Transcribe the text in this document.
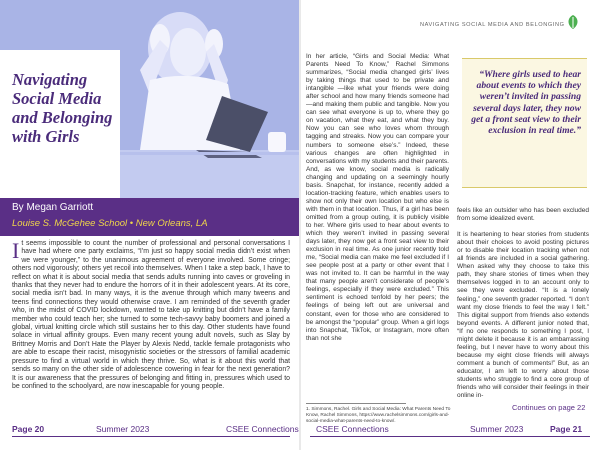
Navigating Social Media and Belonging with Girls
By Megan Garriott
Louise S. McGehee School • New Orleans, LA

It seems impossible to count the number of professional and personal conversations I have had where one party exclaims, “I’m just so happy social media didn’t exist when we were younger,” to the unanimous agreement of everyone involved. Some cringe; others nod vigorously; others yet recoil into themselves. When I take a step back, I have to reflect on what it is about social media that sends adults running into caves or groveling in thanks that they never had to endure the horrors of it in their adolescent years. At its core, social media isn’t bad. In many ways, it is the avenue through which many tweens and teens find connections they would otherwise crave. I am reminded of the seventh grader who, in the midst of COVID lockdown, wanted to take up knitting but didn’t have a family member who could teach her; she turned to some tech-savvy baby boomers and joined a global, virtual knitting circle which still sustains her to this day. Other students have found solace in virtual affinity groups. Even many recent young adult novels, such as Slay by Brittney Morris and Don’t Hate the Player by Alexis Nedd, tackle female protagonists who are able to escape their racist, misogynistic societies or the stressors of familial academic pressure to find a virtual world in which they thrive. So, what is it about this world that sends so many on the other side of adolescence cowering in fear for the next generation? It is our awareness that the pressures of belonging and fitting in, pressures which used to be confined to the schoolyard, are now inescapable for young people.

Page 20	Summer 2023	CSEE Connections
NAVIGATING SOCIAL MEDIA AND BELONGING

In her article, “Girls and Social Media: What Parents Need To Know,” Rachel Simmons summarizes, “Social media changed girls’ lives by taking things that used to be private and intangible —like what your friends were doing after school and how many friends someone had—and making them public and tangible. Now you can see what everyone is up to, where they go on vacation, what they eat, and what they buy. Now you can see who loves whom through tagging and streaks. Now you can compare your numbers to someone else’s.” Indeed, these various changes are often highlighted in conversations with my students and their parents. And, as we know, social media is radically changing and updating on a seemingly hourly basis. Snapchat, for instance, recently added a location-tracking feature, which enables users to show not only their own location but who else is with them in that location. Thus, if a girl has been omitted from a group outing, it is publicly visible to her. Where girls used to hear about events to which they weren’t invited in passing several days later, they now get a front seat view to their exclusion in real time. As one junior recently told me, “Social media can make me feel excluded if I see people post at a party or other event that I was not invited to. It can be harmful in the way that many people aren’t considerate of people’s feelings, especially if they were excluded.” This sentiment is echoed tenfold by her peers; the feelings of being left out are universal and constant, even for those who are considered to be amongst the “popular” group. When a girl logs into Snapchat, TikTok, or Instagram, more often than not she

“Where girls used to hear about events to which they weren’t invited in passing several days later, they now get a front seat view to their exclusion in real time.”

feels like an outsider who has been excluded from some idealized event.

It is heartening to hear stories from students about their choices to avoid posting pictures or to disable their location tracking when not all friends are included in a social gathering. When asked why they choose to take this path, they share stories of times when they themselves logged in to an account only to see they were excluded. “It is a lonely feeling,” one seventh grader reported. “I don’t want my close friends to feel the way I felt.” This digital support from friends also extends beyond events. A different junior noted that, “If no one responds to something I post, I might delete it because it is an embarrassing feeling, but I never have to worry about this because my eight close friends will always comment a bunch of comments!” But, as an educator, I am left to worry about those students who struggle to find a core group of friends who will consider their feelings in their online in-

1. Simmons, Rachel. Girls and Social Media: What Parents Need To Know, Rachel Simmons, https://www.rachelsimmons.com/girls-and-social-media-what-parents-need-to-know/.

Continues on page 22
CSEE Connections	Summer 2023	Page 21
